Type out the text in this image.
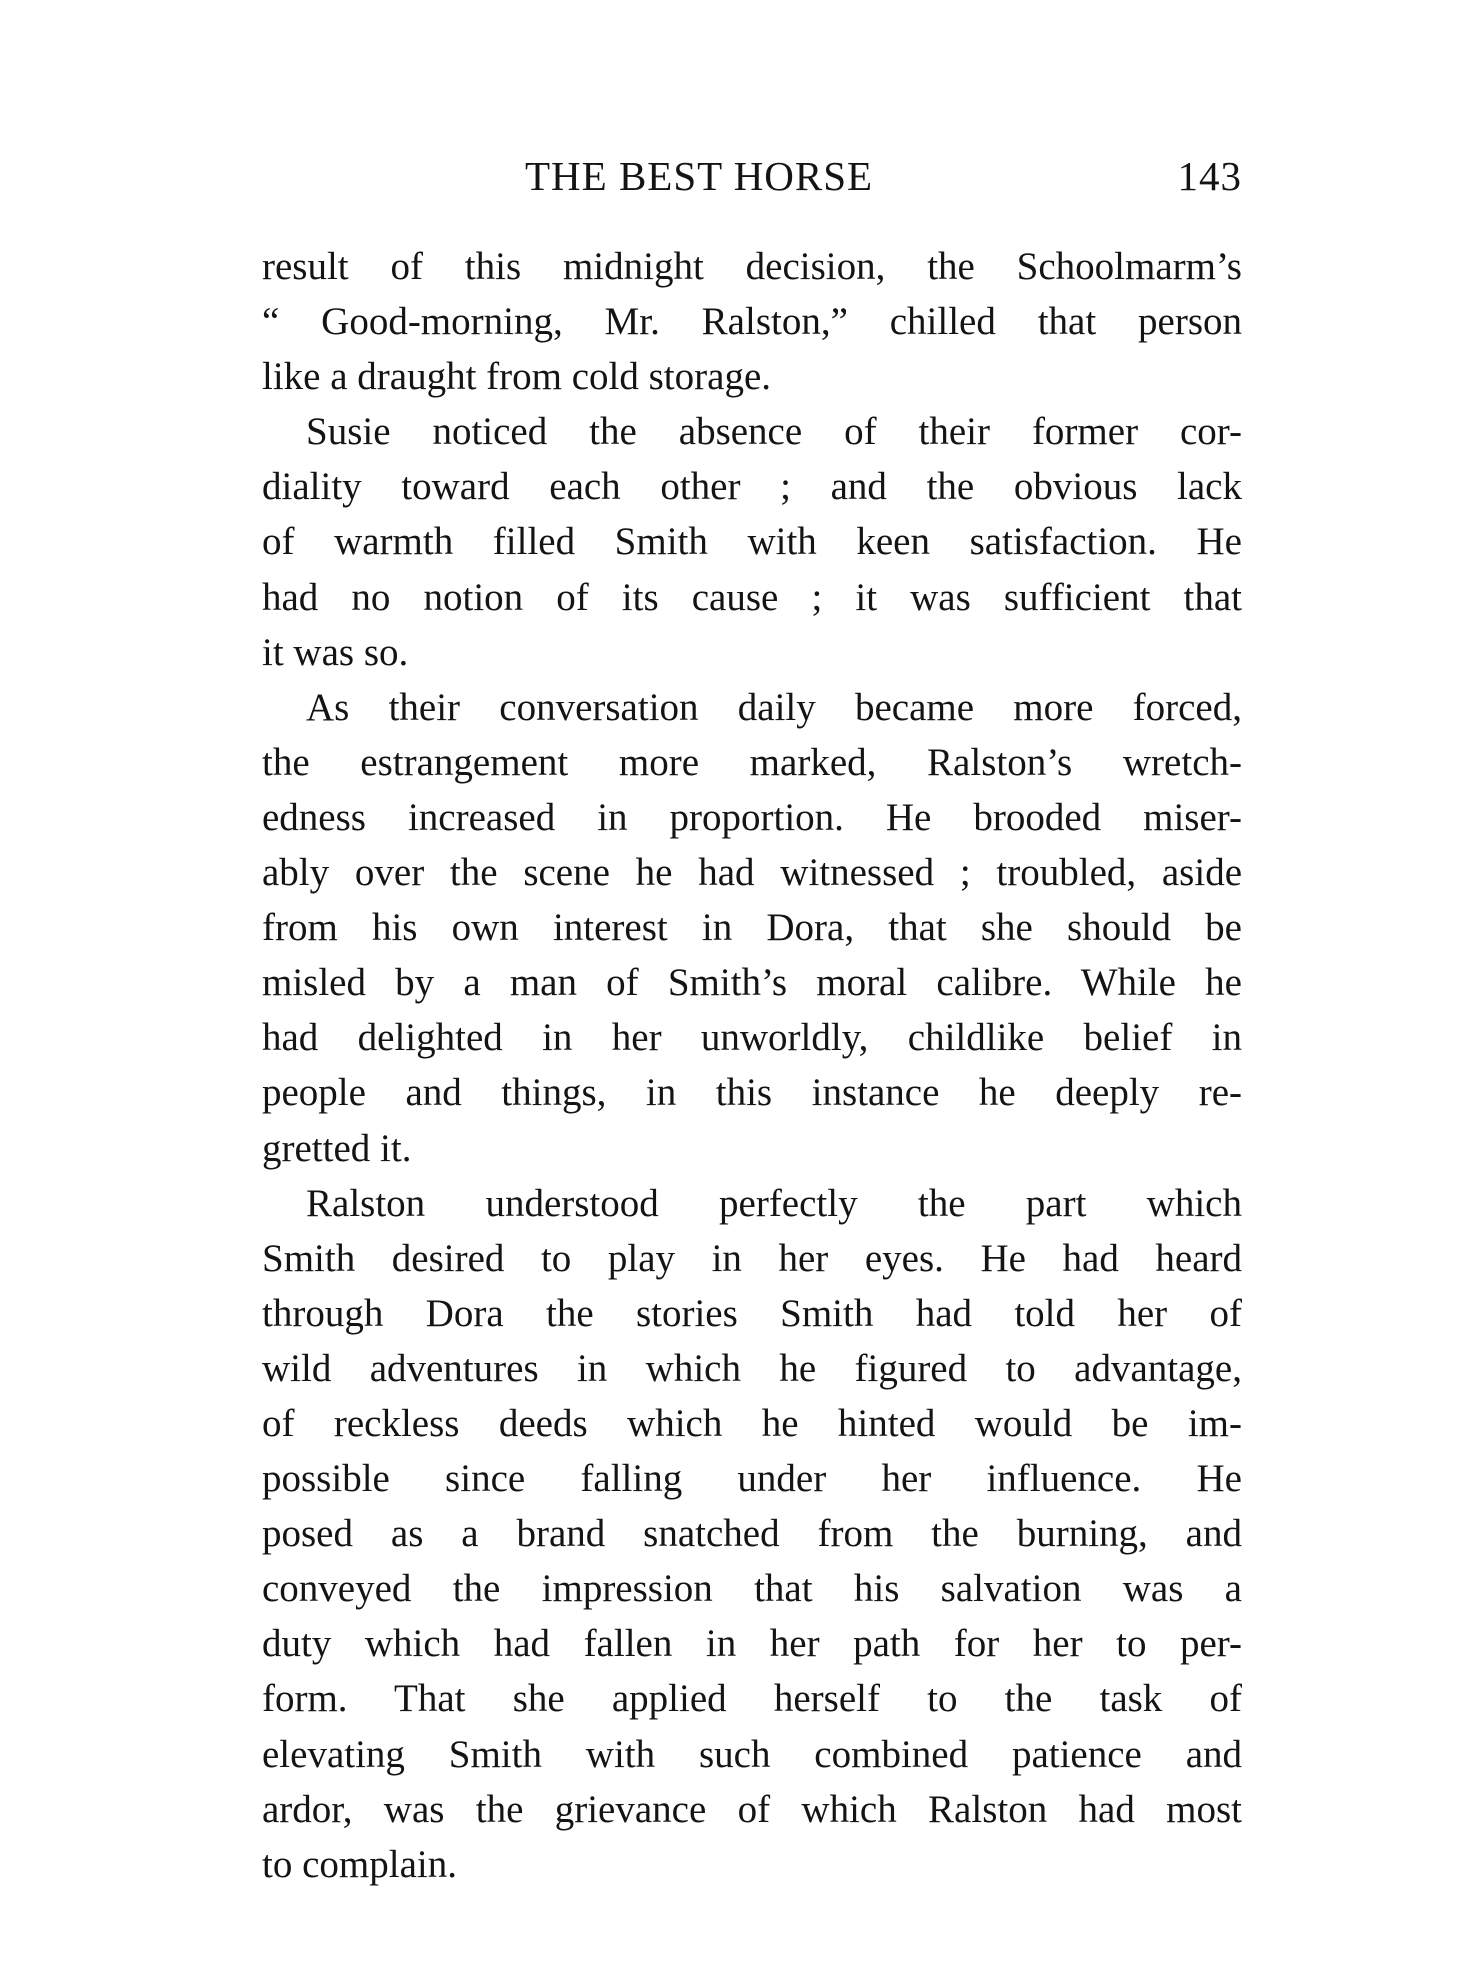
THE BEST HORSE	143
result of this midnight decision, the Schoolmarm’s
“ Good-morning, Mr. Ralston,” chilled that person
like a draught from cold storage.
Susie noticed the absence of their former cor-
diality toward each other ; and the obvious lack
of warmth filled Smith with keen satisfaction. He
had no notion of its cause ; it was sufficient that
it was so.
As their conversation daily became more forced,
the estrangement more marked, Ralston’s wretch-
edness increased in proportion. He brooded miser-
ably over the scene he had witnessed ; troubled, aside
from his own interest in Dora, that she should be
misled by a man of Smith’s moral calibre. While he
had delighted in her unworldly, childlike belief in
people and things, in this instance he deeply re-
gretted it.
Ralston understood perfectly the part which
Smith desired to play in her eyes. He had heard
through Dora the stories Smith had told her of
wild adventures in which he figured to advantage,
of reckless deeds which he hinted would be im-
possible since falling under her influence. He
posed as a brand snatched from the burning, and
conveyed the impression that his salvation was a
duty which had fallen in her path for her to per-
form. That she applied herself to the task of
elevating Smith with such combined patience and
ardor, was the grievance of which Ralston had most
to complain.
